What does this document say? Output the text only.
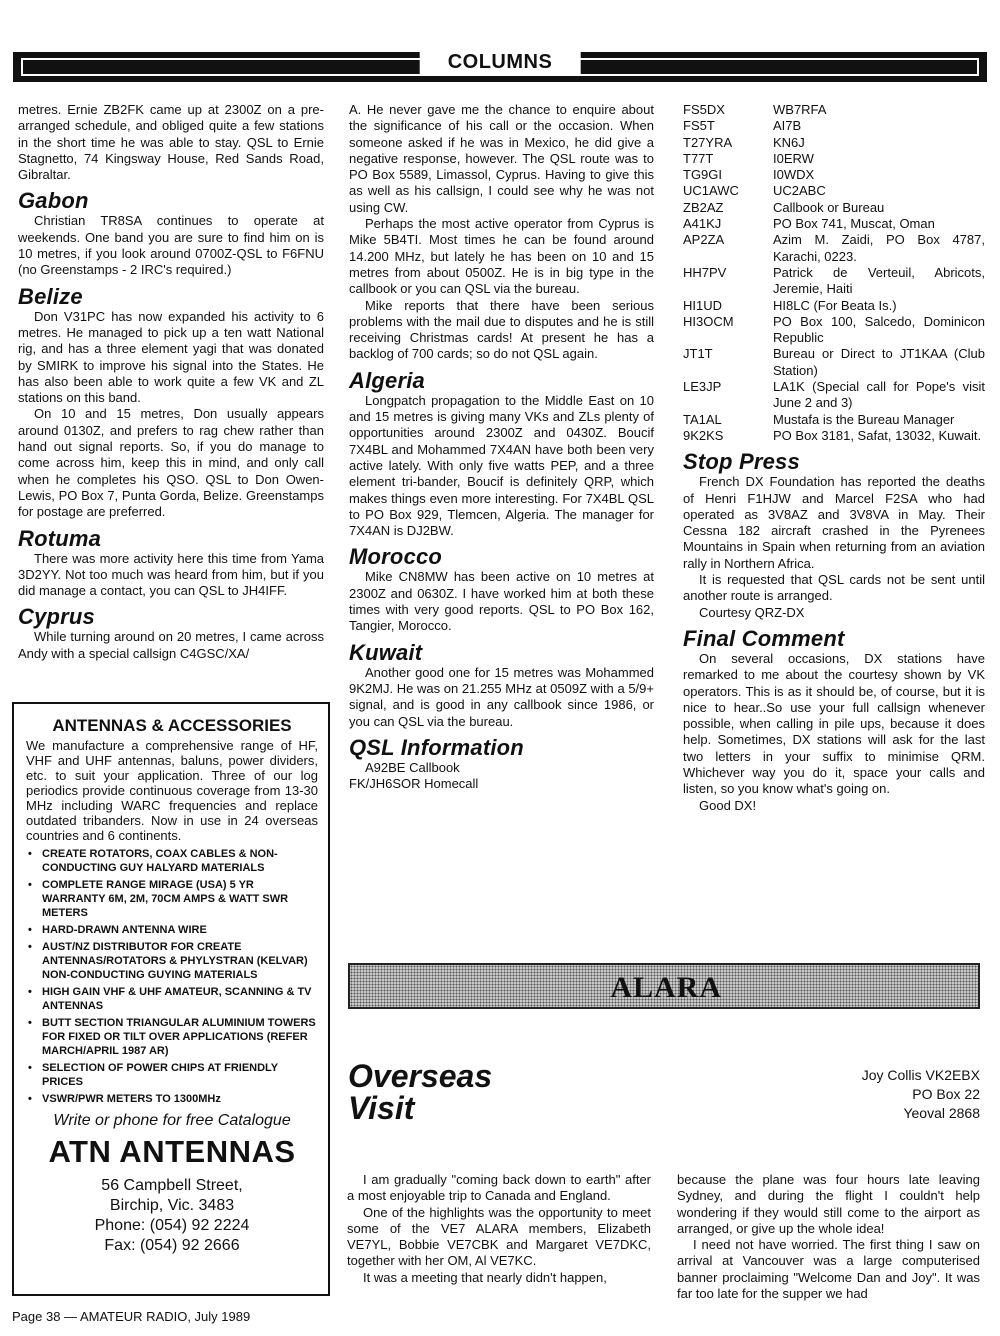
COLUMNS

metres. Ernie ZB2FK came up at 2300Z on a pre-arranged schedule, and obliged quite a few stations in the short time he was able to stay. QSL to Ernie Stagnetto, 74 Kingsway House, Red Sands Road, Gibraltar.

Gabon

Christian TR8SA continues to operate at weekends. One band you are sure to find him on is 10 metres, if you look around 0700Z-QSL to F6FNU (no Greenstamps - 2 IRC's required.)

Belize

Don V31PC has now expanded his activity to 6 metres. He managed to pick up a ten watt National rig, and has a three element yagi that was donated by SMIRK to improve his signal into the States. He has also been able to work quite a few VK and ZL stations on this band.

On 10 and 15 metres, Don usually appears around 0130Z, and prefers to rag chew rather than hand out signal reports. So, if you do manage to come across him, keep this in mind, and only call when he completes his QSO. QSL to Don Owen-Lewis, PO Box 7, Punta Gorda, Belize. Greenstamps for postage are preferred.

Rotuma

There was more activity here this time from Yama 3D2YY. Not too much was heard from him, but if you did manage a contact, you can QSL to JH4IFF.

Cyprus

While turning around on 20 metres, I came across Andy with a special callsign C4GSC/XA/

A. He never gave me the chance to enquire about the significance of his call or the occasion. When someone asked if he was in Mexico, he did give a negative response, however. The QSL route was to PO Box 5589, Limassol, Cyprus. Having to give this as well as his callsign, I could see why he was not using CW.

Perhaps the most active operator from Cyprus is Mike 5B4TI. Most times he can be found around 14.200 MHz, but lately he has been on 10 and 15 metres from about 0500Z. He is in big type in the callbook or you can QSL via the bureau.

Mike reports that there have been serious problems with the mail due to disputes and he is still receiving Christmas cards! At present he has a backlog of 700 cards; so do not QSL again.

Algeria

Longpatch propagation to the Middle East on 10 and 15 metres is giving many VKs and ZLs plenty of opportunities around 2300Z and 0430Z. Boucif 7X4BL and Mohammed 7X4AN have both been very active lately. With only five watts PEP, and a three element tri-bander, Boucif is definitely QRP, which makes things even more interesting. For 7X4BL QSL to PO Box 929, Tlemcen, Algeria. The manager for 7X4AN is DJ2BW.

Morocco

Mike CN8MW has been active on 10 metres at 2300Z and 0630Z. I have worked him at both these times with very good reports. QSL to PO Box 162, Tangier, Morocco.

Kuwait

Another good one for 15 metres was Mohammed 9K2MJ. He was on 21.255 MHz at 0509Z with a 5/9+ signal, and is good in any callbook since 1986, or you can QSL via the bureau.

QSL Information

A92BE Callbook

FK/JH6SOR Homecall

FS5DX	WB7RFA
FS5T	AI7B
T27YRA	KN6J
T77T	I0ERW
TG9GI	I0WDX
UC1AWC	UC2ABC
ZB2AZ	Callbook or Bureau
A41KJ	PO Box 741, Muscat, Oman
AP2ZA	Azim M. Zaidi, PO Box 4787, Karachi, 0223.
HH7PV	Patrick de Verteuil, Abricots, Jeremie, Haiti
HI1UD	HI8LC (For Beata Is.)
HI3OCM	PO Box 100, Salcedo, Dominicon Republic
JT1T	Bureau or Direct to JT1KAA (Club Station)
LE3JP	LA1K (Special call for Pope's visit June 2 and 3)
TA1AL	Mustafa is the Bureau Manager
9K2KS	PO Box 3181, Safat, 13032, Kuwait.
Stop Press

French DX Foundation has reported the deaths of Henri F1HJW and Marcel F2SA who had operated as 3V8AZ and 3V8VA in May. Their Cessna 182 aircraft crashed in the Pyrenees Mountains in Spain when returning from an aviation rally in Northern Africa.

It is requested that QSL cards not be sent until another route is arranged.

Courtesy QRZ-DX

Final Comment

On several occasions, DX stations have remarked to me about the courtesy shown by VK operators. This is as it should be, of course, but it is nice to hear..So use your full callsign whenever possible, when calling in pile ups, because it does help. Sometimes, DX stations will ask for the last two letters in your suffix to minimise QRM. Whichever way you do it, space your calls and listen, so you know what's going on.

Good DX!

ANTENNAS & ACCESSORIES

We manufacture a comprehensive range of HF, VHF and UHF antennas, baluns, power dividers, etc. to suit your application. Three of our log periodics provide continuous coverage from 13-30 MHz including WARC frequencies and replace outdated tribanders. Now in use in 24 overseas countries and 6 continents.

• CREATE ROTATORS, COAX CABLES & NON-CONDUCTING GUY HALYARD MATERIALS
• COMPLETE RANGE MIRAGE (USA) 5 YR WARRANTY 6M, 2M, 70CM AMPS & WATT SWR METERS
• HARD-DRAWN ANTENNA WIRE
• AUST/NZ DISTRIBUTOR FOR CREATE ANTENNAS/ROTATORS & PHYLYSTRAN (KELVAR) NON-CONDUCTING GUYING MATERIALS
• HIGH GAIN VHF & UHF AMATEUR, SCANNING & TV ANTENNAS
• BUTT SECTION TRIANGULAR ALUMINIUM TOWERS FOR FIXED OR TILT OVER APPLICATIONS (REFER MARCH/APRIL 1987 AR)
• SELECTION OF POWER CHIPS AT FRIENDLY PRICES
• VSWR/PWR METERS TO 1300MHz
Write or phone for free Catalogue
ATN ANTENNAS
56 Campbell Street,
Birchip, Vic. 3483
Phone: (054) 92 2224
Fax: (054) 92 2666
ALARA
Overseas
Visit
Joy Collis VK2EBX
PO Box 22
Yeoval 2868

I am gradually "coming back down to earth" after a most enjoyable trip to Canada and England.

One of the highlights was the opportunity to meet some of the VE7 ALARA members, Elizabeth VE7YL, Bobbie VE7CBK and Margaret VE7DKC, together with her OM, Al VE7KC.

It was a meeting that nearly didn't happen,

because the plane was four hours late leaving Sydney, and during the flight I couldn't help wondering if they would still come to the airport as arranged, or give up the whole idea!

I need not have worried. The first thing I saw on arrival at Vancouver was a large computerised banner proclaiming "Welcome Dan and Joy". It was far too late for the supper we had

Page 38 — AMATEUR RADIO, July 1989
